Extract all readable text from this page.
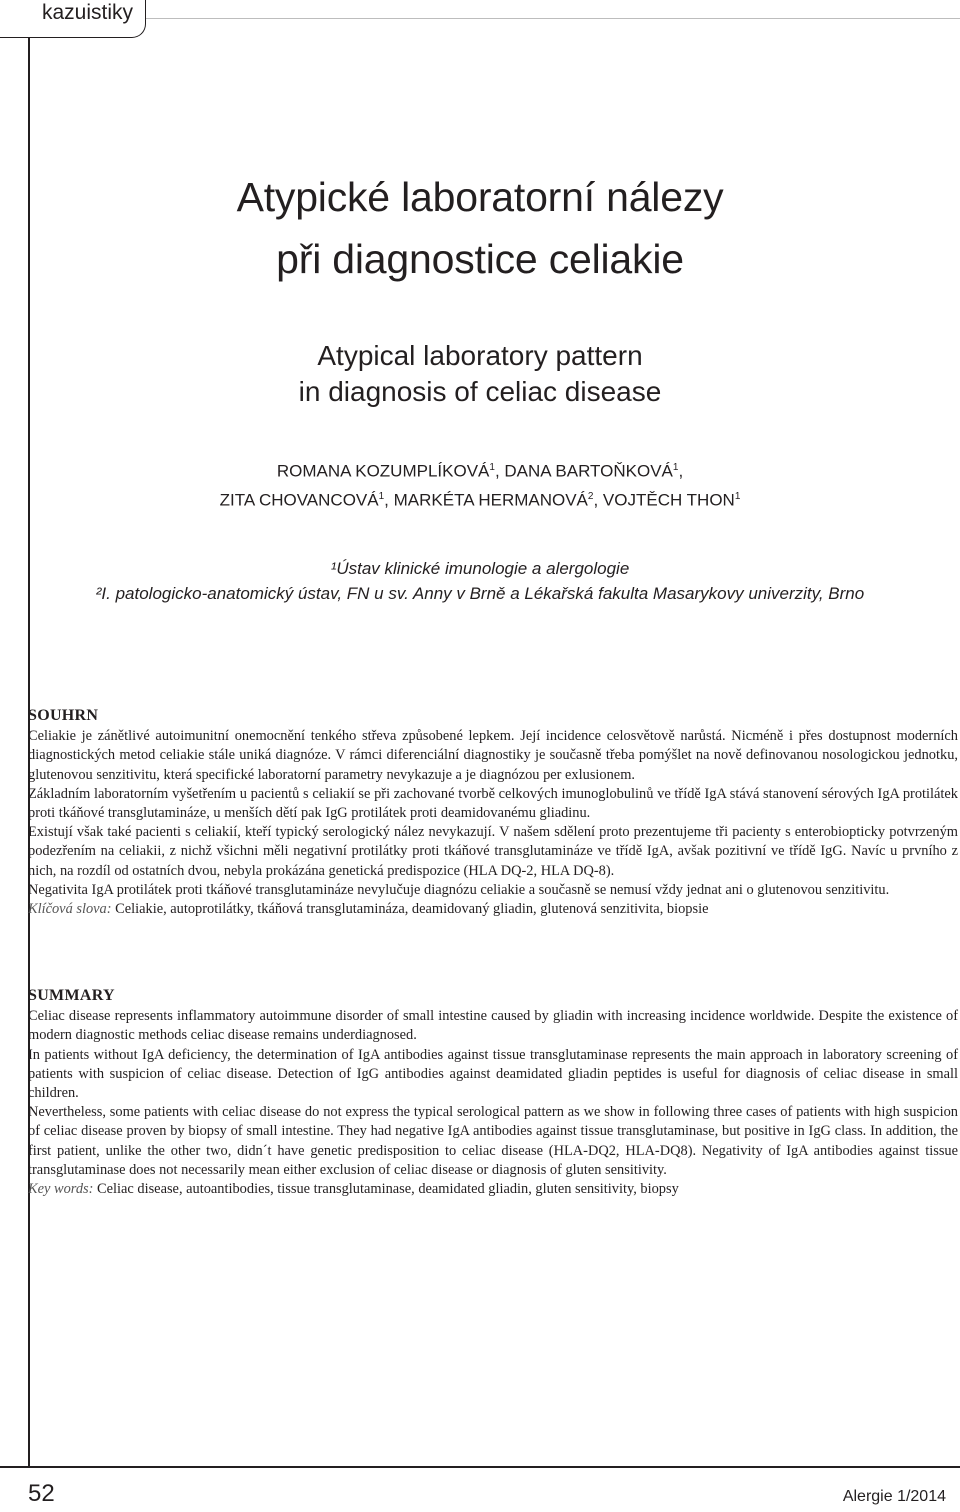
kazuistiky
Atypické laboratorní nálezy
při diagnostice celiakie
Atypical laboratory pattern
in diagnosis of celiac disease
ROMANA KOZUMPLÍKOVÁ$^1$, DANA BARTOŇKOVÁ$^1$,
ZITA CHOVANCOVÁ$^1$, MARKÉTA HERMANOVÁ$^2$, VOJTĚCH THON$^1$
¹Ústav klinické imunologie a alergologie
²I. patologicko-anatomický ústav, FN u sv. Anny v Brně a Lékařská fakulta Masarykovy univerzity, Brno
SOUHRN

Celiakie je zánětlivé autoimunitní onemocnění tenkého střeva způsobené lepkem. Její incidence celosvětově narůstá. Nicméně i přes dostupnost moderních diagnostických metod celiakie stále uniká diagnóze. V rámci diferenciální diagnostiky je současně třeba pomýšlet na nově definovanou nosologickou jednotku, glutenovou senzitivitu, která specifické laboratorní parametry nevykazuje a je diagnózou per exlusionem.

Základním laboratorním vyšetřením u pacientů s celiakií se při zachované tvorbě celkových imunoglobulinů ve třídě IgA stává stanovení sérových IgA protilátek proti tkáňové transglutamináze, u menších dětí pak IgG protilátek proti deamidovanému gliadinu.

Existují však také pacienti s celiakií, kteří typický serologický nález nevykazují. V našem sdělení proto prezentujeme tři pacienty s enterobiopticky potvrzeným podezřením na celiakii, z nichž všichni měli negativní protilátky proti tkáňové transglutamináze ve třídě IgA, avšak pozitivní ve třídě IgG. Navíc u prvního z nich, na rozdíl od ostatních dvou, nebyla prokázána genetická predispozice (HLA DQ-2, HLA DQ-8).

Negativita IgA protilátek proti tkáňové transglutamináze nevylučuje diagnózu celiakie a současně se nemusí vždy jednat ani o glutenovou senzitivitu.

Klíčová slova: Celiakie, autoprotilátky, tkáňová transglutamináza, deamidovaný gliadin, glutenová senzitivita, biopsie

SUMMARY

Celiac disease represents inflammatory autoimmune disorder of small intestine caused by gliadin with increasing incidence worldwide. Despite the existence of modern diagnostic methods celiac disease remains underdiagnosed.

In patients without IgA deficiency, the determination of IgA antibodies against tissue transglutaminase represents the main approach in laboratory screening of patients with suspicion of celiac disease. Detection of IgG antibodies against deamidated gliadin peptides is useful for diagnosis of celiac disease in small children.

Nevertheless, some patients with celiac disease do not express the typical serological pattern as we show in following three cases of patients with high suspicion of celiac disease proven by biopsy of small intestine. They had negative IgA antibodies against tissue transglutaminase, but positive in IgG class. In addition, the first patient, unlike the other two, didn´t have genetic predisposition to celiac disease (HLA-DQ2, HLA-DQ8). Negativity of IgA antibodies against tissue transglutaminase does not necessarily mean either exclusion of celiac disease or diagnosis of gluten sensitivity.

Key words: Celiac disease, autoantibodies, tissue transglutaminase, deamidated gliadin, gluten sensitivity, biopsy

52	Alergie 1/2014
